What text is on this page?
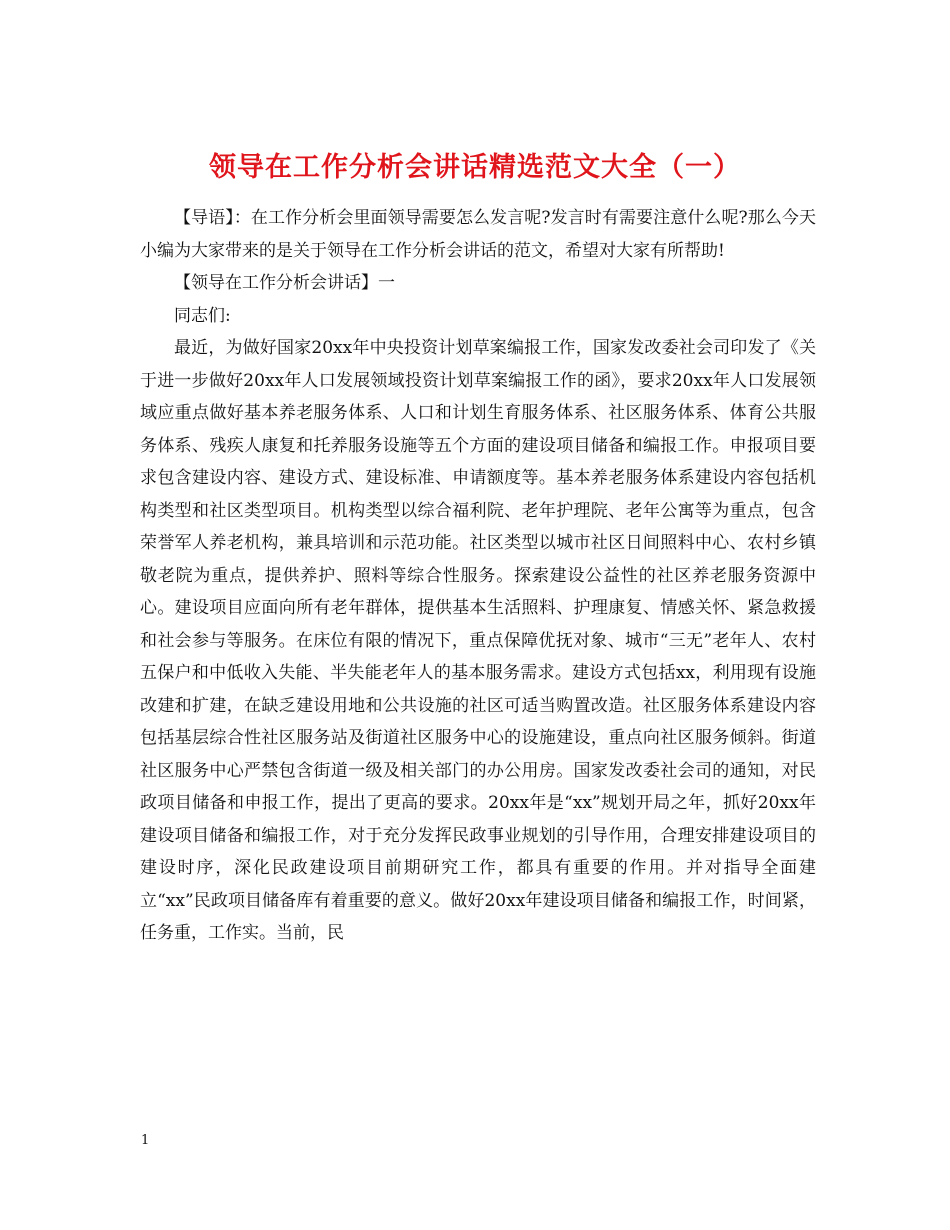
领导在工作分析会讲话精选范文大全（一）

【导语】：在工作分析会里面领导需要怎么发言呢?发言时有需要注意什么呢?那么今天小编为大家带来的是关于领导在工作分析会讲话的范文，希望对大家有所帮助!

【领导在工作分析会讲话】一

同志们:

最近，为做好国家20xx年中央投资计划草案编报工作，国家发改委社会司印发了《关于进一步做好20xx年人口发展领域投资计划草案编报工作的函》，要求20xx年人口发展领域应重点做好基本养老服务体系、人口和计划生育服务体系、社区服务体系、体育公共服务体系、残疾人康复和托养服务设施等五个方面的建设项目储备和编报工作。申报项目要求包含建设内容、建设方式、建设标准、申请额度等。基本养老服务体系建设内容包括机构类型和社区类型项目。机构类型以综合福利院、老年护理院、老年公寓等为重点，包含荣誉军人养老机构，兼具培训和示范功能。社区类型以城市社区日间照料中心、农村乡镇敬老院为重点，提供养护、照料等综合性服务。探索建设公益性的社区养老服务资源中心。建设项目应面向所有老年群体，提供基本生活照料、护理康复、情感关怀、紧急救援和社会参与等服务。在床位有限的情况下，重点保障优抚对象、城市“三无”老年人、农村五保户和中低收入失能、半失能老年人的基本服务需求。建设方式包括xx，利用现有设施改建和扩建，在缺乏建设用地和公共设施的社区可适当购置改造。社区服务体系建设内容包括基层综合性社区服务站及街道社区服务中心的设施建设，重点向社区服务倾斜。街道社区服务中心严禁包含街道一级及相关部门的办公用房。国家发改委社会司的通知，对民政项目储备和申报工作，提出了更高的要求。20xx年是“xx”规划开局之年，抓好20xx年建设项目储备和编报工作，对于充分发挥民政事业规划的引导作用，合理安排建设项目的建设时序，深化民政建设项目前期研究工作，都具有重要的作用。并对指导全面建立“xx”民政项目储备库有着重要的意义。做好20xx年建设项目储备和编报工作，时间紧，任务重，工作实。当前，民

1
